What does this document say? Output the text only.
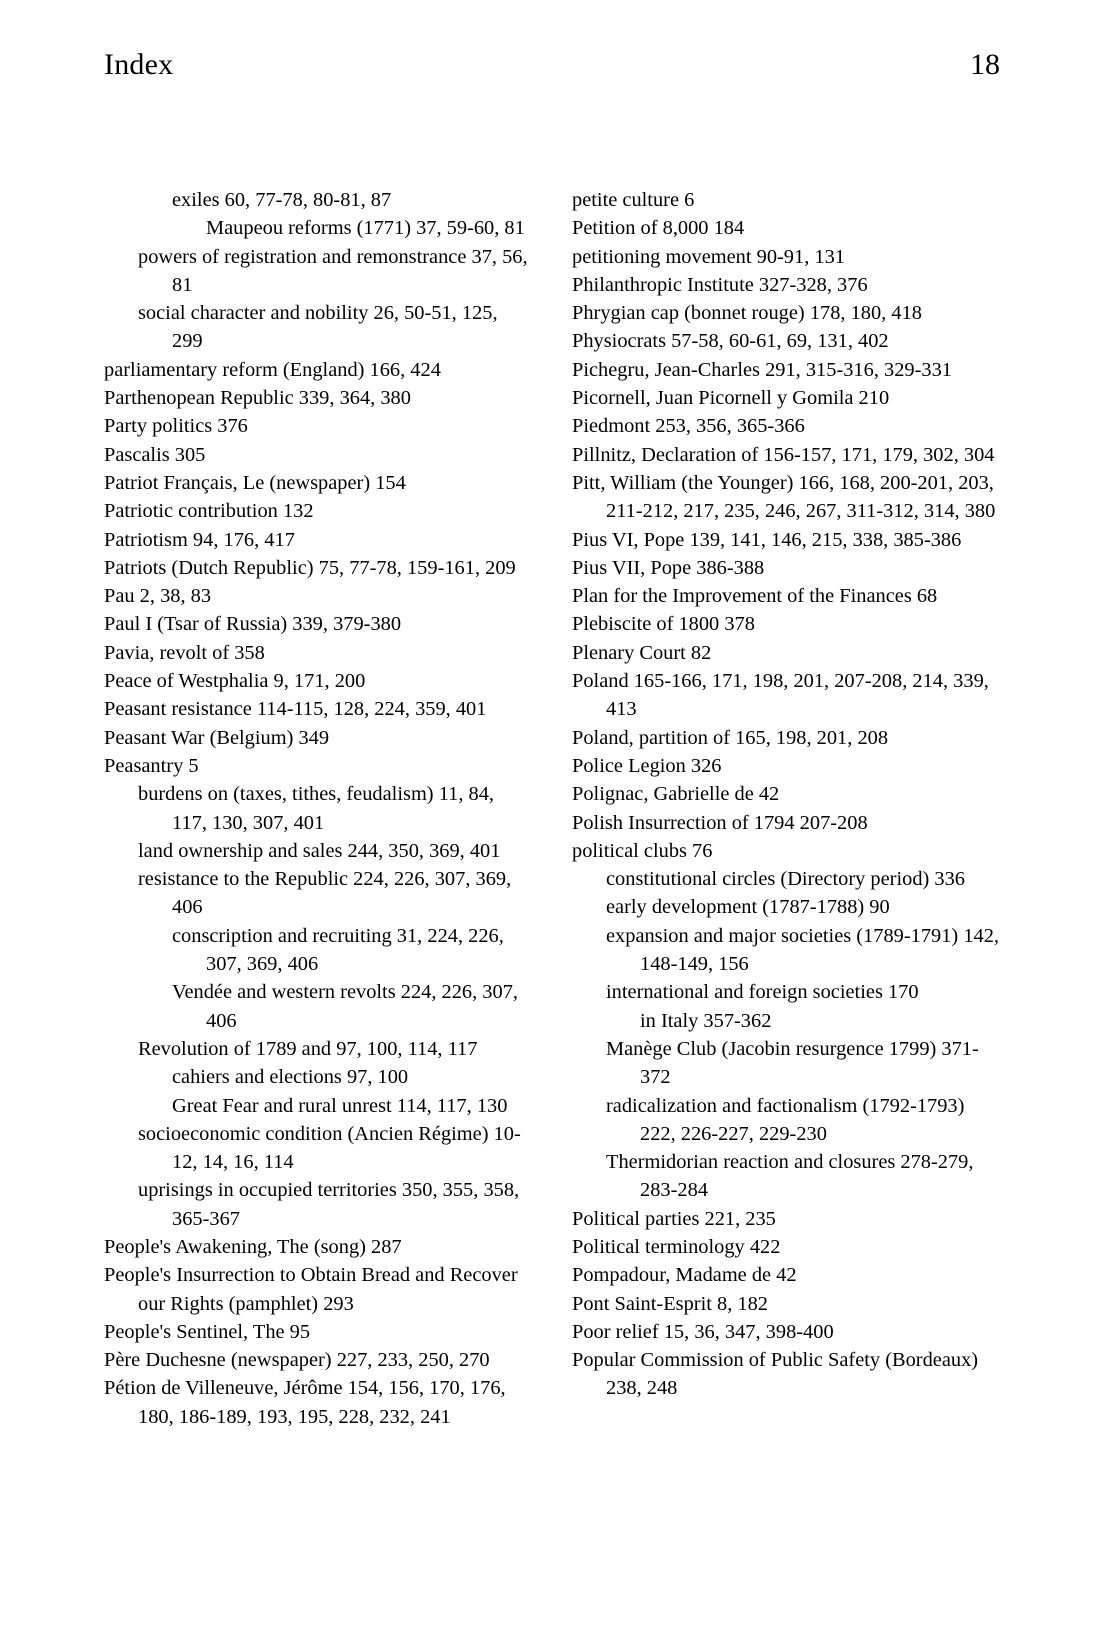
Index	18

exiles 60, 77-78, 80-81, 87

Maupeou reforms (1771) 37, 59-60, 81

powers of registration and remonstrance 37, 56, 81

social character and nobility 26, 50-51, 125, 299

parliamentary reform (England) 166, 424

Parthenopean Republic 339, 364, 380

Party politics 376

Pascalis 305

Patriot Français, Le (newspaper) 154

Patriotic contribution 132

Patriotism 94, 176, 417

Patriots (Dutch Republic) 75, 77-78, 159-161, 209

Pau 2, 38, 83

Paul I (Tsar of Russia) 339, 379-380

Pavia, revolt of 358

Peace of Westphalia 9, 171, 200

Peasant resistance 114-115, 128, 224, 359, 401

Peasant War (Belgium) 349

Peasantry 5

burdens on (taxes, tithes, feudalism) 11, 84, 117, 130, 307, 401

land ownership and sales 244, 350, 369, 401

resistance to the Republic 224, 226, 307, 369, 406

conscription and recruiting 31, 224, 226, 307, 369, 406

Vendée and western revolts 224, 226, 307, 406

Revolution of 1789 and 97, 100, 114, 117

cahiers and elections 97, 100

Great Fear and rural unrest 114, 117, 130

socioeconomic condition (Ancien Régime) 10-12, 14, 16, 114

uprisings in occupied territories 350, 355, 358, 365-367

People's Awakening, The (song) 287

People's Insurrection to Obtain Bread and Recover our Rights (pamphlet) 293

People's Sentinel, The 95

Père Duchesne (newspaper) 227, 233, 250, 270

Pétion de Villeneuve, Jérôme 154, 156, 170, 176, 180, 186-189, 193, 195, 228, 232, 241

petite culture 6

Petition of 8,000 184

petitioning movement 90-91, 131

Philanthropic Institute 327-328, 376

Phrygian cap (bonnet rouge) 178, 180, 418

Physiocrats 57-58, 60-61, 69, 131, 402

Pichegru, Jean-Charles 291, 315-316, 329-331

Picornell, Juan Picornell y Gomila 210

Piedmont 253, 356, 365-366

Pillnitz, Declaration of 156-157, 171, 179, 302, 304

Pitt, William (the Younger) 166, 168, 200-201, 203, 211-212, 217, 235, 246, 267, 311-312, 314, 380

Pius VI, Pope 139, 141, 146, 215, 338, 385-386

Pius VII, Pope 386-388

Plan for the Improvement of the Finances 68

Plebiscite of 1800 378

Plenary Court 82

Poland 165-166, 171, 198, 201, 207-208, 214, 339, 413

Poland, partition of 165, 198, 201, 208

Police Legion 326

Polignac, Gabrielle de 42

Polish Insurrection of 1794 207-208

political clubs 76

constitutional circles (Directory period) 336

early development (1787-1788) 90

expansion and major societies (1789-1791) 142, 148-149, 156

international and foreign societies 170

in Italy 357-362

Manège Club (Jacobin resurgence 1799) 371-372

radicalization and factionalism (1792-1793) 222, 226-227, 229-230

Thermidorian reaction and closures 278-279, 283-284

Political parties 221, 235

Political terminology 422

Pompadour, Madame de 42

Pont Saint-Esprit 8, 182

Poor relief 15, 36, 347, 398-400

Popular Commission of Public Safety (Bordeaux) 238, 248
